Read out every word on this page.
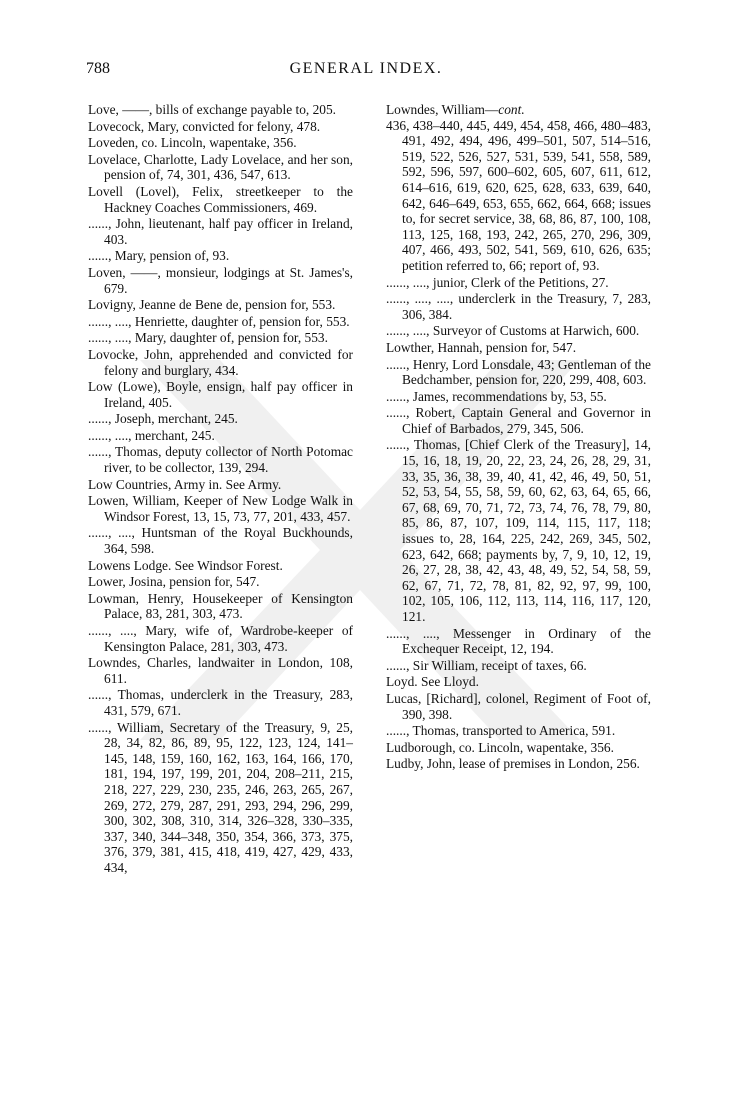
788	GENERAL INDEX.
Love, ——, bills of exchange payable to, 205.
Lovecock, Mary, convicted for felony, 478.
Loveden, co. Lincoln, wapentake, 356.
Lovelace, Charlotte, Lady Lovelace, and her son, pension of, 74, 301, 436, 547, 613.
Lovell (Lovel), Felix, streetkeeper to the Hackney Coaches Commissioners, 469.
......, John, lieutenant, half pay officer in Ireland, 403.
......, Mary, pension of, 93.
Loven, ——, monsieur, lodgings at St. James's, 679.
Lovigny, Jeanne de Bene de, pension for, 553.
......, ...., Henriette, daughter of, pension for, 553.
......, ...., Mary, daughter of, pension for, 553.
Lovocke, John, apprehended and convicted for felony and burglary, 434.
Low (Lowe), Boyle, ensign, half pay officer in Ireland, 405.
......, Joseph, merchant, 245.
......, ...., merchant, 245.
......, Thomas, deputy collector of North Potomac river, to be collector, 139, 294.
Low Countries, Army in. See Army.
Lowen, William, Keeper of New Lodge Walk in Windsor Forest, 13, 15, 73, 77, 201, 433, 457.
......, ...., Huntsman of the Royal Buckhounds, 364, 598.
Lowens Lodge. See Windsor Forest.
Lower, Josina, pension for, 547.
Lowman, Henry, Housekeeper of Kensington Palace, 83, 281, 303, 473.
......, ...., Mary, wife of, Wardrobe-keeper of Kensington Palace, 281, 303, 473.
Lowndes, Charles, landwaiter in London, 108, 611.
......, Thomas, underclerk in the Treasury, 283, 431, 579, 671.
......, William, Secretary of the Treasury, 9, 25, 28, 34, 82, 86, 89, 95, 122, 123, 124, 141–145, 148, 159, 160, 162, 163, 164, 166, 170, 181, 194, 197, 199, 201, 204, 208–211, 215, 218, 227, 229, 230, 235, 246, 263, 265, 267, 269, 272, 279, 287, 291, 293, 294, 296, 299, 300, 302, 308, 310, 314, 326–328, 330–335, 337, 340, 344–348, 350, 354, 366, 373, 375, 376, 379, 381, 415, 418, 419, 427, 429, 433, 434,
Lowndes, William—cont.
436, 438–440, 445, 449, 454, 458, 466, 480–483, 491, 492, 494, 496, 499–501, 507, 514–516, 519, 522, 526, 527, 531, 539, 541, 558, 589, 592, 596, 597, 600–602, 605, 607, 611, 612, 614–616, 619, 620, 625, 628, 633, 639, 640, 642, 646–649, 653, 655, 662, 664, 668; issues to, for secret service, 38, 68, 86, 87, 100, 108, 113, 125, 168, 193, 242, 265, 270, 296, 309, 407, 466, 493, 502, 541, 569, 610, 626, 635; petition referred to, 66; report of, 93.
......, ...., junior, Clerk of the Petitions, 27.
......, ...., ...., underclerk in the Treasury, 7, 283, 306, 384.
......, ...., Surveyor of Customs at Harwich, 600.
Lowther, Hannah, pension for, 547.
......, Henry, Lord Lonsdale, 43; Gentleman of the Bedchamber, pension for, 220, 299, 408, 603.
......, James, recommendations by, 53, 55.
......, Robert, Captain General and Governor in Chief of Barbados, 279, 345, 506.
......, Thomas, [Chief Clerk of the Treasury], 14, 15, 16, 18, 19, 20, 22, 23, 24, 26, 28, 29, 31, 33, 35, 36, 38, 39, 40, 41, 42, 46, 49, 50, 51, 52, 53, 54, 55, 58, 59, 60, 62, 63, 64, 65, 66, 67, 68, 69, 70, 71, 72, 73, 74, 76, 78, 79, 80, 85, 86, 87, 107, 109, 114, 115, 117, 118; issues to, 28, 164, 225, 242, 269, 345, 502, 623, 642, 668; payments by, 7, 9, 10, 12, 19, 26, 27, 28, 38, 42, 43, 48, 49, 52, 54, 58, 59, 62, 67, 71, 72, 78, 81, 82, 92, 97, 99, 100, 102, 105, 106, 112, 113, 114, 116, 117, 120, 121.
......, ...., Messenger in Ordinary of the Exchequer Receipt, 12, 194.
......, Sir William, receipt of taxes, 66.
Loyd. See Lloyd.
Lucas, [Richard], colonel, Regiment of Foot of, 390, 398.
......, Thomas, transported to America, 591.
Ludborough, co. Lincoln, wapentake, 356.
Ludby, John, lease of premises in London, 256.
